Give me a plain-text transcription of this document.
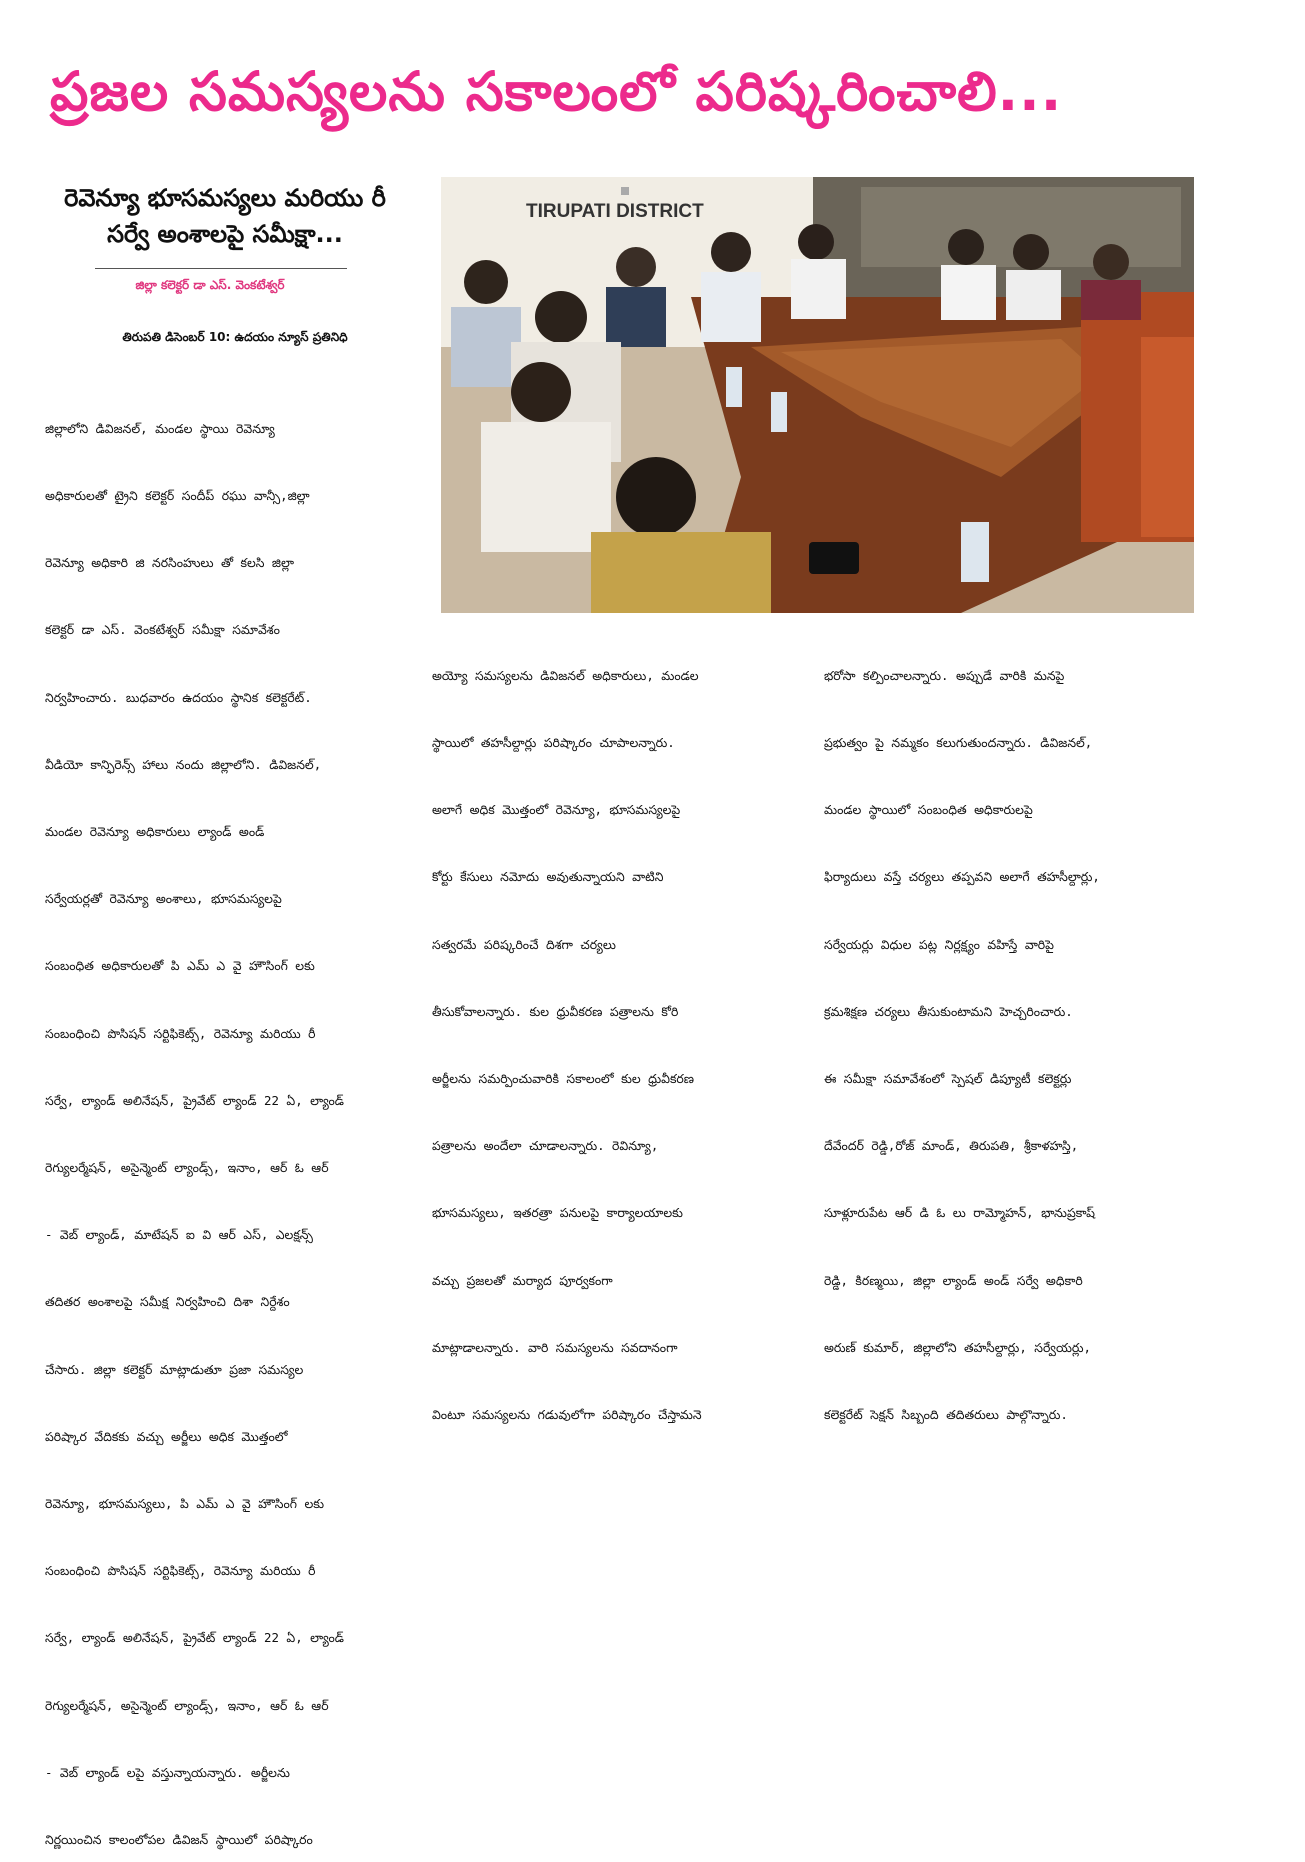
ప్రజల సమస్యలను సకాలంలో పరిష్కరించాలి...
రెవెన్యూ భూసమస్యలు మరియు రీ
సర్వే అంశాలపై సమీక్షా...
జిల్లా కలెక్టర్ డా ఎస్. వెంకటేశ్వర్
తిరుపతి డిసెంబర్ 10: ఉదయం న్యూస్ ప్రతినిధి

జిల్లాలోని డివిజనల్, మండల స్థాయి రెవెన్యూ

అధికారులతో ట్రైని కలెక్టర్ సందీప్ రఘు వాన్సీ,జిల్లా

రెవెన్యూ అధికారి జి నరసింహులు తో కలసి జిల్లా

కలెక్టర్ డా ఎస్. వెంకటేశ్వర్ సమీక్షా సమావేశం

నిర్వహించారు. బుధవారం ఉదయం స్థానిక కలెక్టరేట్.

వీడియో కాన్ఫిరెన్స్ హాలు నందు జిల్లాలోని. డివిజనల్,

మండల రెవెన్యూ అధికారులు ల్యాండ్ అండ్

సర్వేయర్లతో రెవెన్యూ అంశాలు, భూసమస్యలపై

సంబంధిత అధికారులతో పి ఎమ్ ఎ వై హౌసింగ్ లకు

సంబంధించి పొసిషన్ సర్టిఫికెట్స్, రెవెన్యూ మరియు రీ

సర్వే, ల్యాండ్ అలినేషన్, ప్రైవేట్ ల్యాండ్ 22 ఏ, ల్యాండ్

రెగ్యులర్మేషన్, అసైన్మెంట్ ల్యాండ్స్, ఇనాం, ఆర్ ఓ ఆర్

- వెబ్ ల్యాండ్, మాటేషన్ ఐ వి ఆర్ ఎస్, ఎలక్షన్స్

తదితర అంశాలపై సమీక్ష నిర్వహించి దిశా నిర్దేశం

చేసారు. జిల్లా కలెక్టర్ మాట్లాడుతూ ప్రజా సమస్యల

పరిష్కార వేదికకు వచ్చు అర్జీలు అధిక మొత్తంలో

రెవెన్యూ, భూసమస్యలు, పి ఎమ్ ఎ వై హౌసింగ్ లకు

సంబంధించి పొసిషన్ సర్టిఫికెట్స్, రెవెన్యూ మరియు రీ

సర్వే, ల్యాండ్ అలినేషన్, ప్రైవేట్ ల్యాండ్ 22 ఏ, ల్యాండ్

రెగ్యులర్మేషన్, అసైన్మెంట్ ల్యాండ్స్, ఇనాం, ఆర్ ఓ ఆర్

- వెబ్ ల్యాండ్ లపై వస్తున్నాయన్నారు. అర్జీలను

నిర్ణయించిన కాలంలోపల డివిజన్ స్థాయిలో పరిష్కారం

TIRUPATI DISTRICT

అయ్యో సమస్యలను డివిజనల్ అధికారులు, మండల

స్థాయిలో తహసీల్దార్లు పరిష్కారం చూపాలన్నారు.

అలాగే అధిక మొత్తంలో రెవెన్యూ, భూసమస్యలపై

కోర్టు కేసులు నమోదు అవుతున్నాయని వాటిని

సత్వరమే పరిష్కరించే దిశగా చర్యలు

తీసుకోవాలన్నారు. కుల ధ్రువీకరణ పత్రాలను కోరి

అర్జీలను సమర్పించువారికి సకాలంలో కుల ధ్రువీకరణ

పత్రాలను అందేలా చూడాలన్నారు. రెవిన్యూ,

భూసమస్యలు, ఇతరత్రా పనులపై కార్యాలయాలకు

వచ్చు ప్రజలతో మర్యాద పూర్వకంగా

మాట్లాడాలన్నారు. వారి సమస్యలను సవదానంగా

వింటూ సమస్యలను గడువులోగా పరిష్కారం చేస్తామనె

భరోసా కల్పించాలన్నారు. అప్పుడే వారికి మనపై

ప్రభుత్వం పై నమ్మకం కలుగుతుందన్నారు. డివిజనల్,

మండల స్థాయిలో సంబంధిత అధికారులపై

ఫిర్యాదులు వస్తే చర్యలు తప్పవని అలాగే తహసీల్దార్లు,

సర్వేయర్లు విధుల పట్ల నిర్లక్ష్యం వహిస్తే వారిపై

క్రమశిక్షణ చర్యలు తీసుకుంటామని హెచ్చరించారు.

ఈ సమీక్షా సమావేశంలో స్పెషల్ డిప్యూటీ కలెక్టర్లు

దేవేందర్ రెడ్డి,రోజ్ మాండ్, తిరుపతి, శ్రీకాళహస్తి,

సూళ్లూరుపేట ఆర్ డి ఓ లు రామ్మోహన్, భానుప్రకాష్

రెడ్డి, కిరణ్మయి, జిల్లా ల్యాండ్ అండ్ సర్వే అధికారి

అరుణ్ కుమార్, జిల్లాలోని తహసీల్దార్లు, సర్వేయర్లు,

కలెక్టరేట్ సెక్షన్ సిబ్బంది తదితరులు పాల్గొన్నారు.
